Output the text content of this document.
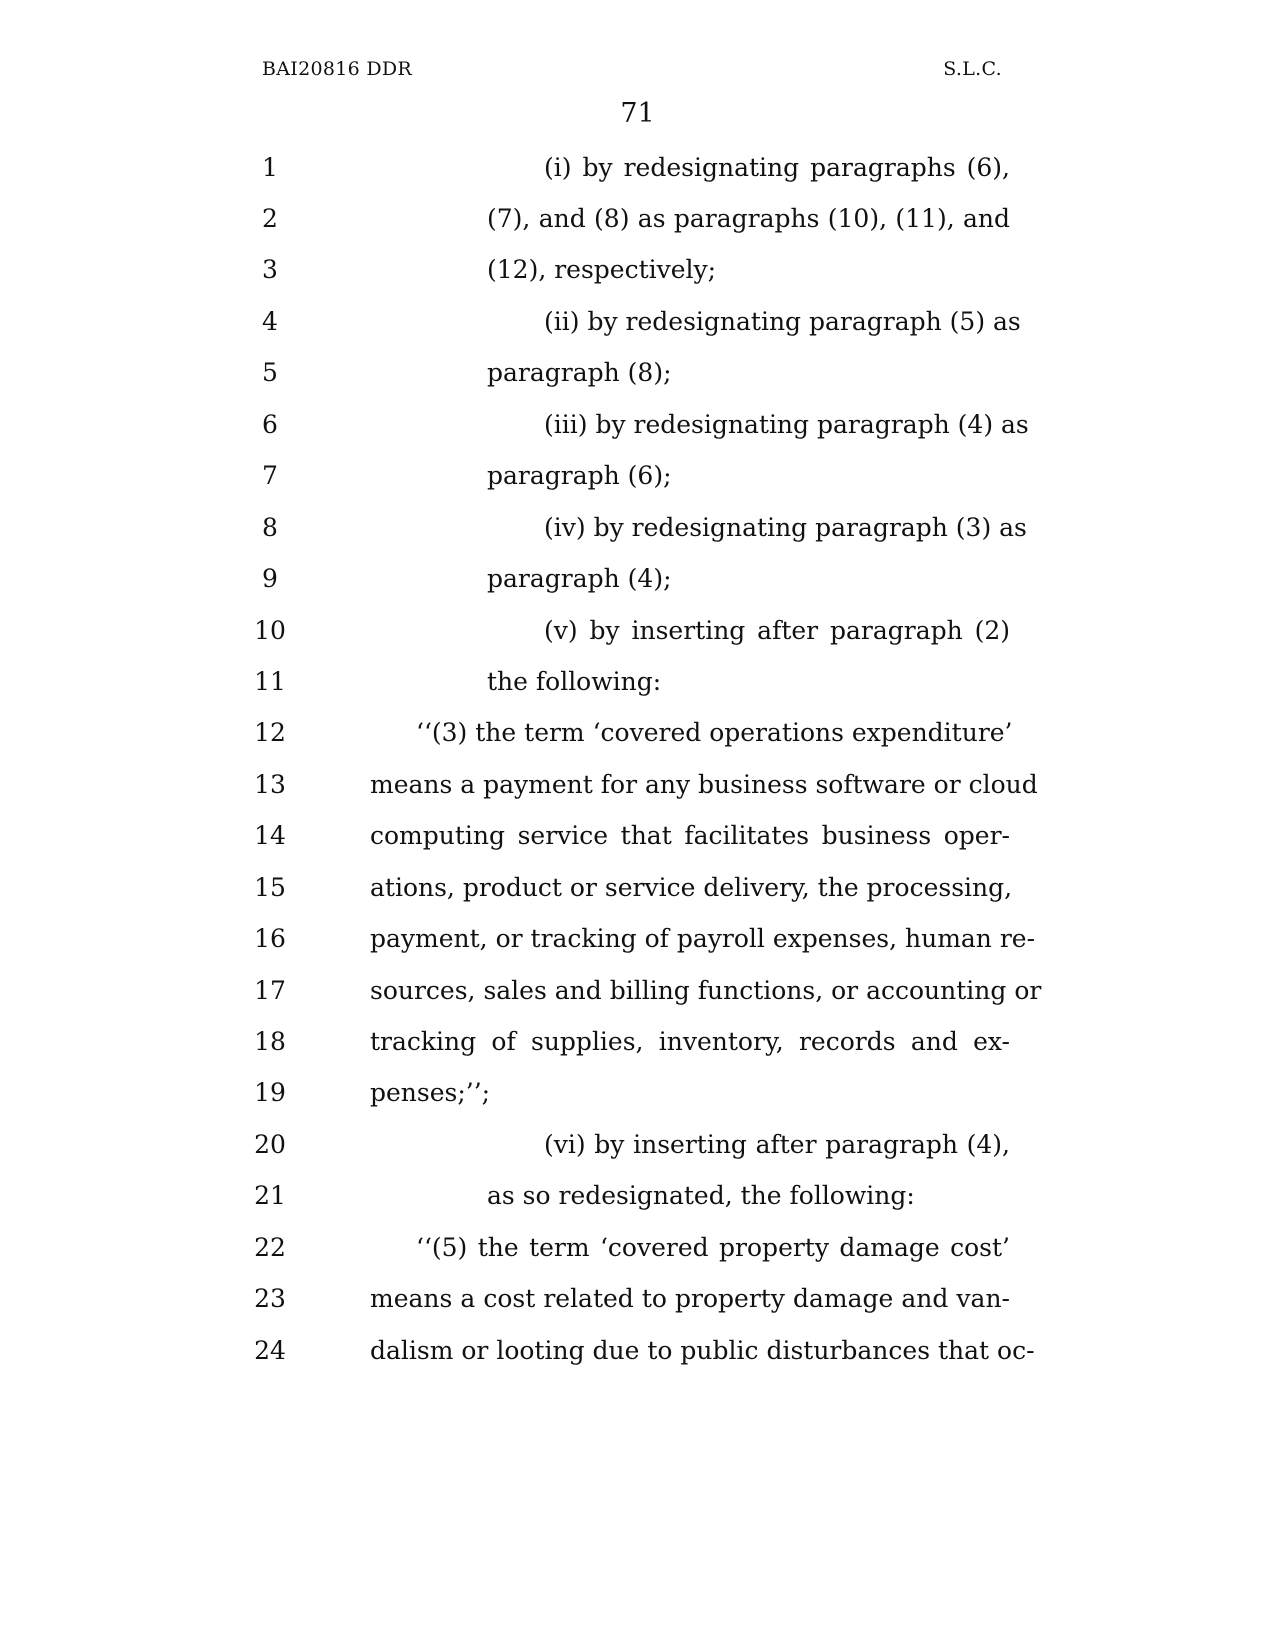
BAI20816 DDR	S.L.C.
71
1	(i) by redesignating paragraphs (6),
2	(7), and (8) as paragraphs (10), (11), and
3	(12), respectively;
4	(ii) by redesignating paragraph (5) as
5	paragraph (8);
6	(iii) by redesignating paragraph (4) as
7	paragraph (6);
8	(iv) by redesignating paragraph (3) as
9	paragraph (4);
10	(v) by inserting after paragraph (2)
11	the following:
12	‘‘(3) the term ‘covered operations expenditure’
13	means a payment for any business software or cloud
14	computing service that facilitates business oper-
15	ations, product or service delivery, the processing,
16	payment, or tracking of payroll expenses, human re-
17	sources, sales and billing functions, or accounting or
18	tracking of supplies, inventory, records and ex-
19	penses;’’;
20	(vi) by inserting after paragraph (4),
21	as so redesignated, the following:
22	‘‘(5) the term ‘covered property damage cost’
23	means a cost related to property damage and van-
24	dalism or looting due to public disturbances that oc-
